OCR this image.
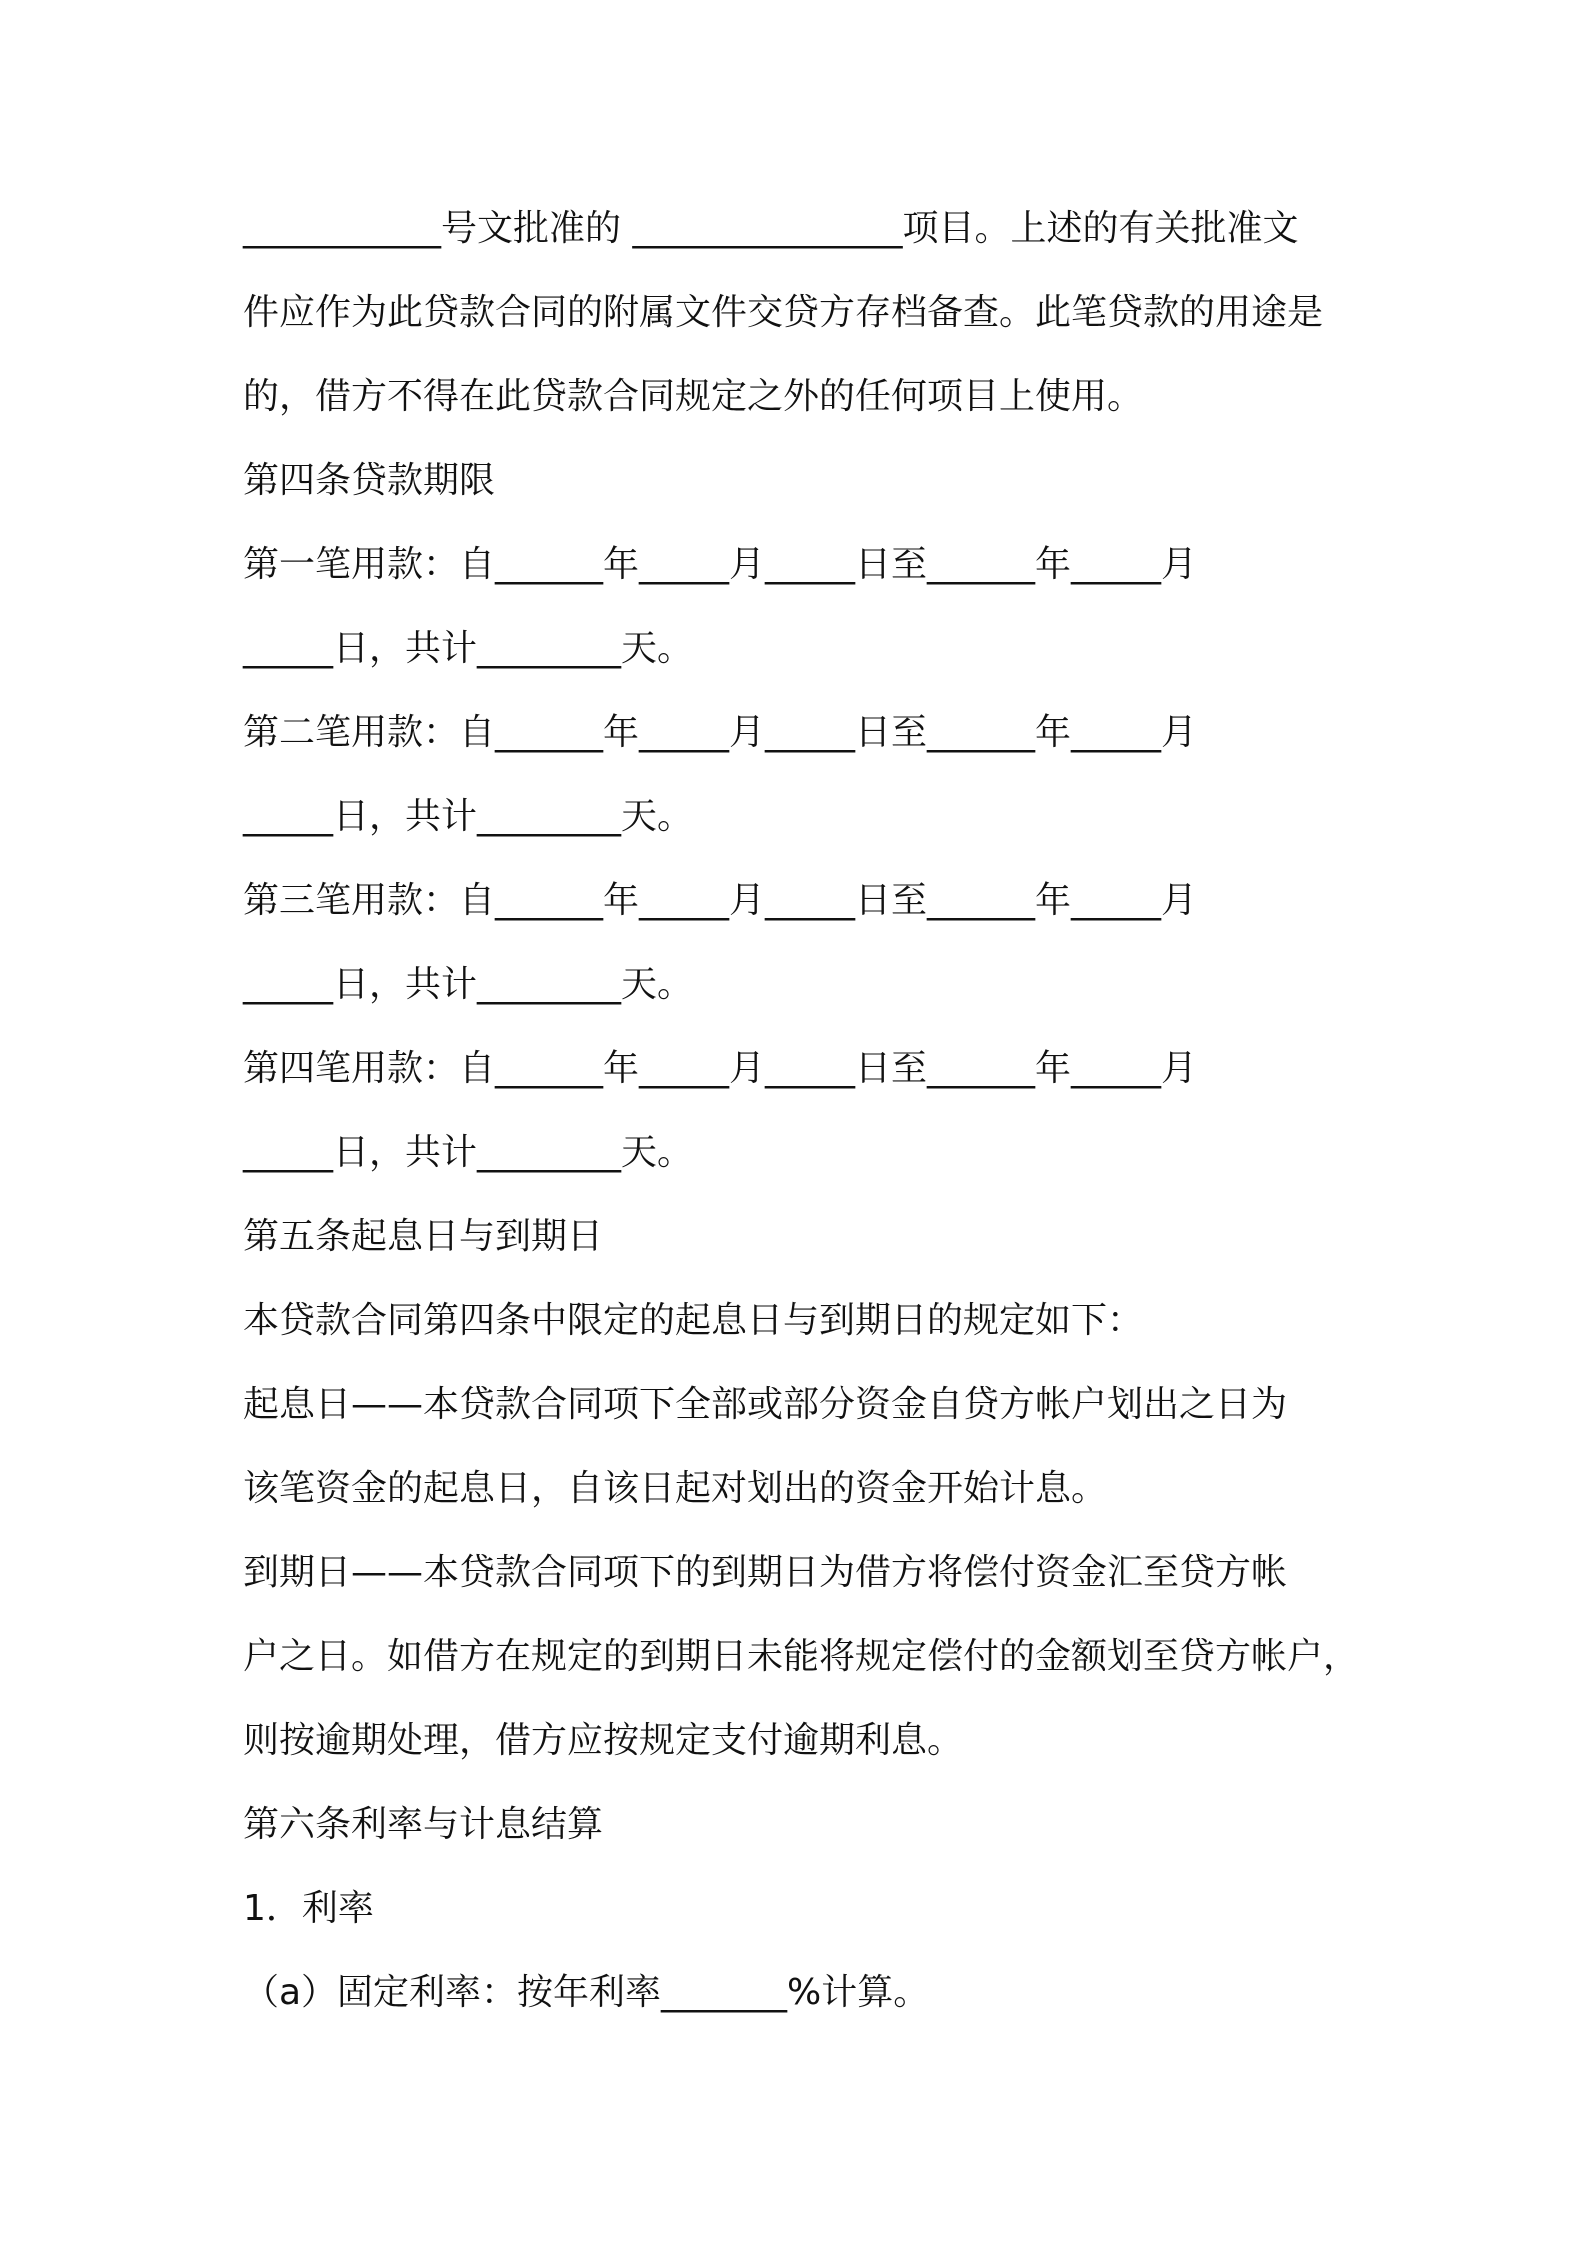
___________号文批准的 _______________项目。上述的有关批准文

件应作为此贷款合同的附属文件交贷方存档备查。此笔贷款的用途是

的，借方不得在此贷款合同规定之外的任何项目上使用。

第四条贷款期限

第一笔用款：自______年_____月_____日至______年_____月

_____日，共计________天。

第二笔用款：自______年_____月_____日至______年_____月

_____日，共计________天。

第三笔用款：自______年_____月_____日至______年_____月

_____日，共计________天。

第四笔用款：自______年_____月_____日至______年_____月

_____日，共计________天。

第五条起息日与到期日

本贷款合同第四条中限定的起息日与到期日的规定如下：

起息日——本贷款合同项下全部或部分资金自贷方帐户划出之日为

该笔资金的起息日，自该日起对划出的资金开始计息。

到期日——本贷款合同项下的到期日为借方将偿付资金汇至贷方帐

户之日。如借方在规定的到期日未能将规定偿付的金额划至贷方帐户，

则按逾期处理，借方应按规定支付逾期利息。

第六条利率与计息结算

1．利率

（a）固定利率：按年利率_______%计算。
